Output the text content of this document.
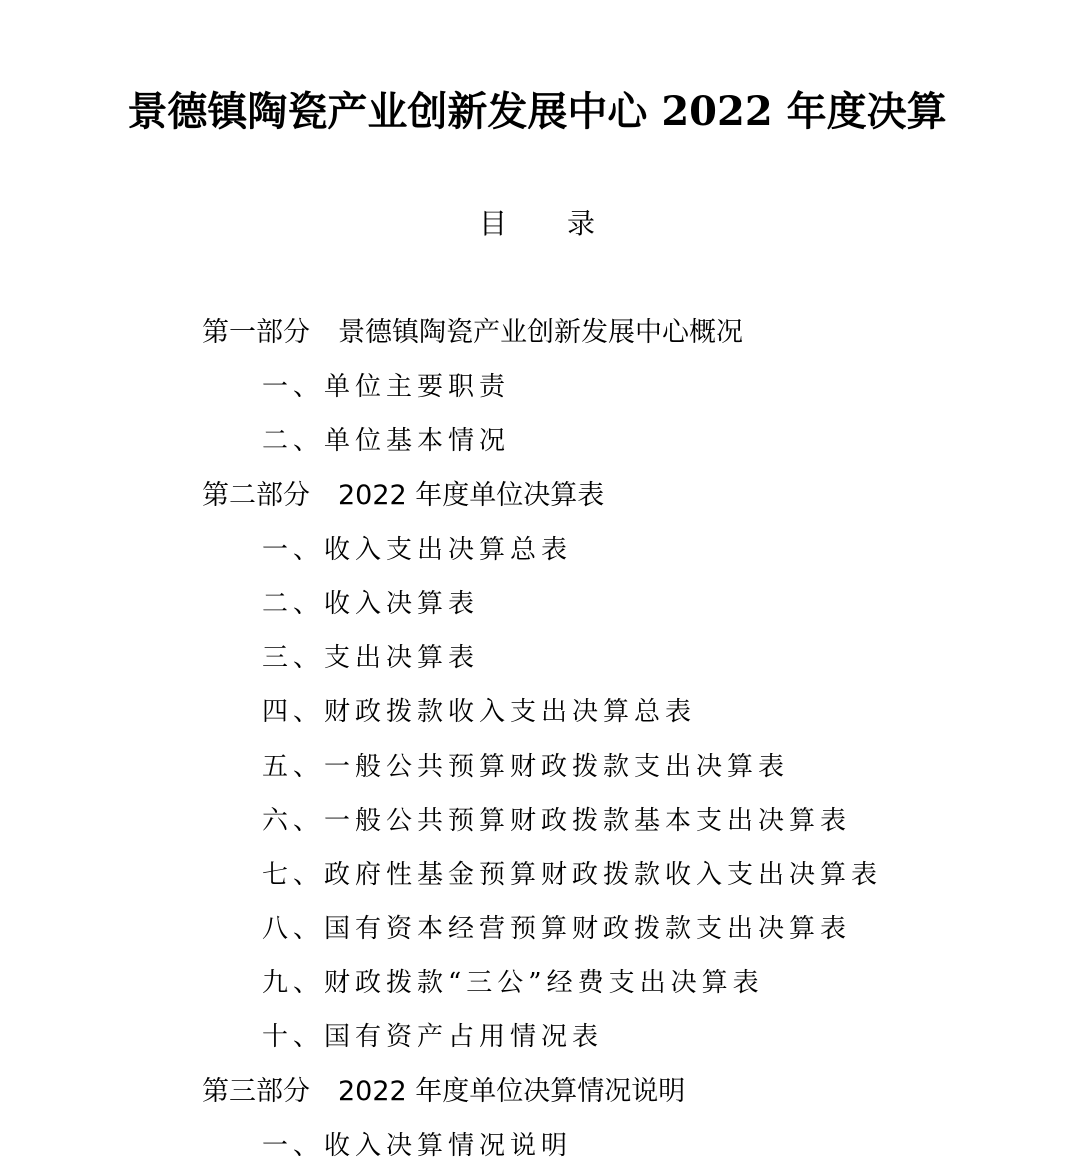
景德镇陶瓷产业创新发展中心 2022 年度决算
目 录
第一部分 景德镇陶瓷产业创新发展中心概况
一、单位主要职责
二、单位基本情况
第二部分 2022 年度单位决算表
一、收入支出决算总表
二、收入决算表
三、支出决算表
四、财政拨款收入支出决算总表
五、一般公共预算财政拨款支出决算表
六、一般公共预算财政拨款基本支出决算表
七、政府性基金预算财政拨款收入支出决算表
八、国有资本经营预算财政拨款支出决算表
九、财政拨款“三公”经费支出决算表
十、国有资产占用情况表
第三部分 2022 年度单位决算情况说明
一、收入决算情况说明
